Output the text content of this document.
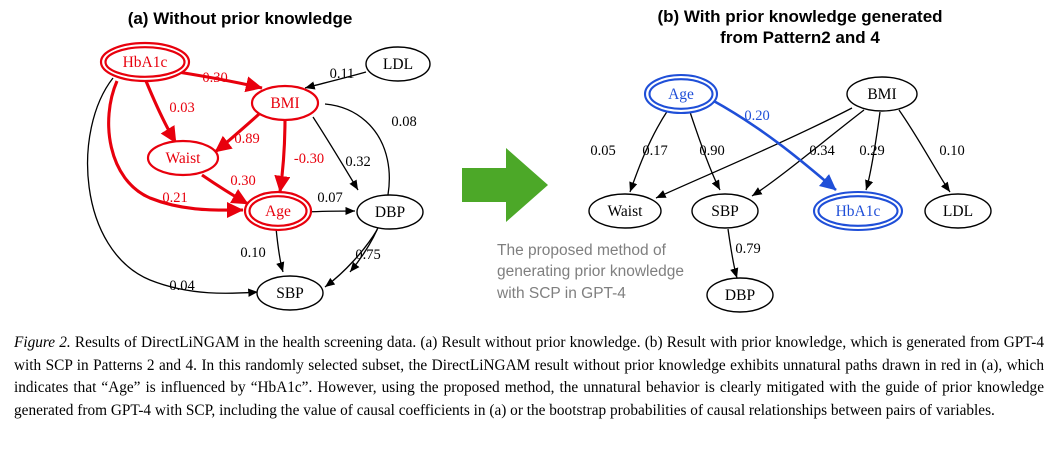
(a) Without prior knowledge	(b) With prior knowledge generated
from Pattern2 and 4
The proposed method of generating prior knowledge with SCP in GPT-4
HbA1c
BMI
LDL
Waist
Age	DBP
SBP
0.30
0.03
0.21
0.11
0.89
-0.30 0.32
0.08
0.30
0.07
0.10	0.75
0.04
Age	BMI
Waist	SBP	HbA1c	LDL
DBP
0.05 0.17
0.20
0.90	0.34 0.29	0.10
0.79
Figure 2. Results of DirectLiNGAM in the health screening data. (a) Result without prior knowledge. (b) Result with prior knowledge, which is generated from GPT-4 with SCP in Patterns 2 and 4. In this randomly selected subset, the DirectLiNGAM result without prior knowledge exhibits unnatural paths drawn in red in (a), which indicates that “Age” is influenced by “HbA1c”. However, using the proposed method, the unnatural behavior is clearly mitigated with the guide of prior knowledge generated from GPT-4 with SCP, including the value of causal coefficients in (a) or the bootstrap probabilities of causal relationships between pairs of variables.
